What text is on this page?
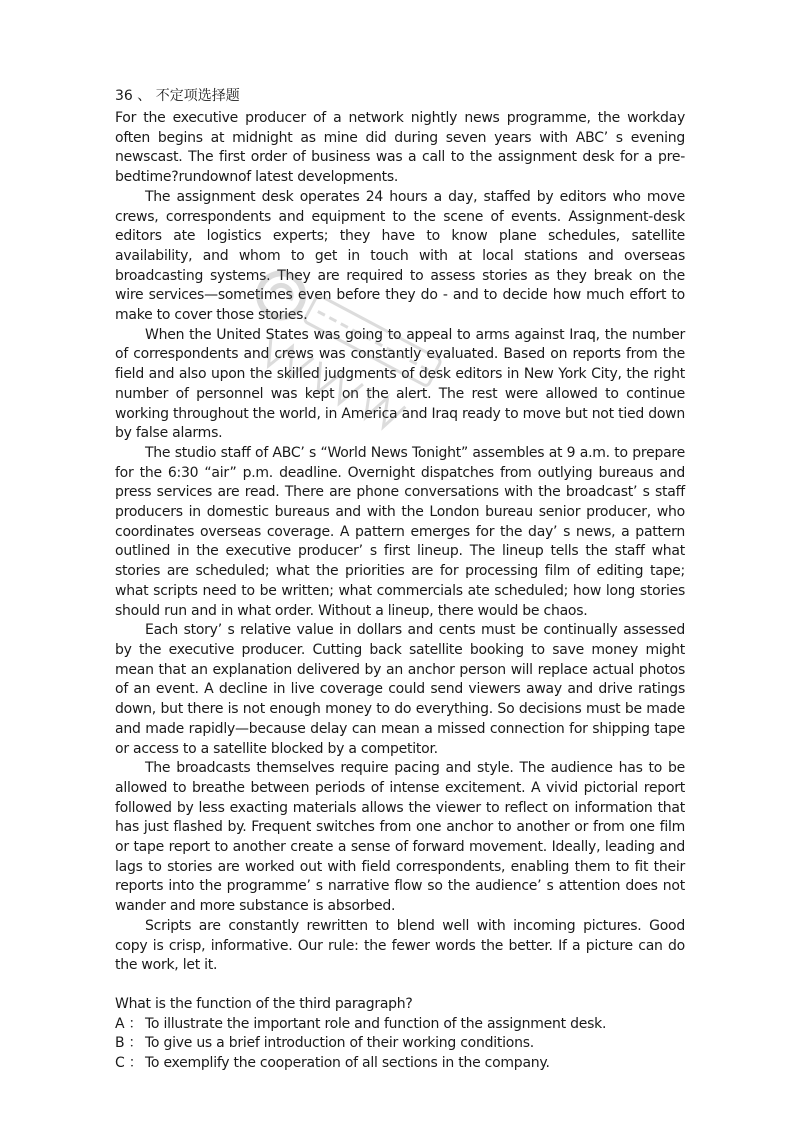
36 、 不定项选择题

For the executive producer of a network nightly news programme, the workday often begins at midnight as mine did during seven years with ABC’ s evening newscast. The first order of business was a call to the assignment desk for a pre-bedtime?rundownof latest developments.

The assignment desk operates 24 hours a day, staffed by editors who move crews, correspondents and equipment to the scene of events. Assignment-desk editors ate logistics experts; they have to know plane schedules, satellite availability, and whom to get in touch with at local stations and overseas broadcasting systems. They are required to assess stories as they break on the wire services—sometimes even before they do - and to decide how much effort to make to cover those stories.

When the United States was going to appeal to arms against Iraq, the number of correspondents and crews was constantly evaluated. Based on reports from the field and also upon the skilled judgments of desk editors in New York City, the right number of personnel was kept on the alert. The rest were allowed to continue working throughout the world, in America and Iraq ready to move but not tied down by false alarms.

The studio staff of ABC’ s “World News Tonight” assembles at 9 a.m. to prepare for the 6:30 “air” p.m. deadline. Overnight dispatches from outlying bureaus and press services are read. There are phone conversations with the broadcast’ s staff producers in domestic bureaus and with the London bureau senior producer, who coordinates overseas coverage. A pattern emerges for the day’ s news, a pattern outlined in the executive producer’ s first lineup. The lineup tells the staff what stories are scheduled; what the priorities are for processing film of editing tape; what scripts need to be written; what commercials ate scheduled; how long stories should run and in what order. Without a lineup, there would be chaos.

Each story’ s relative value in dollars and cents must be continually assessed by the executive producer. Cutting back satellite booking to save money might mean that an explanation delivered by an anchor person will replace actual photos of an event. A decline in live coverage could send viewers away and drive ratings down, but there is not enough money to do everything. So decisions must be made and made rapidly—because delay can mean a missed connection for shipping tape or access to a satellite blocked by a competitor.

The broadcasts themselves require pacing and style. The audience has to be allowed to breathe between periods of intense excitement. A vivid pictorial report followed by less exacting materials allows the viewer to reflect on information that has just flashed by. Frequent switches from one anchor to another or from one film or tape report to another create a sense of forward movement. Ideally, leading and lags to stories are worked out with field correspondents, enabling them to fit their reports into the programme’ s narrative flow so the audience’ s attention does not wander and more substance is absorbed.

Scripts are constantly rewritten to blend well with incoming pictures. Good copy is crisp, informative. Our rule: the fewer words the better. If a picture can do the work, let it.

What is the function of the third paragraph?

A ： To illustrate the important role and function of the assignment desk.
B ： To give us a brief introduction of their working conditions.
C ： To exemplify the cooperation of all sections in the company.
